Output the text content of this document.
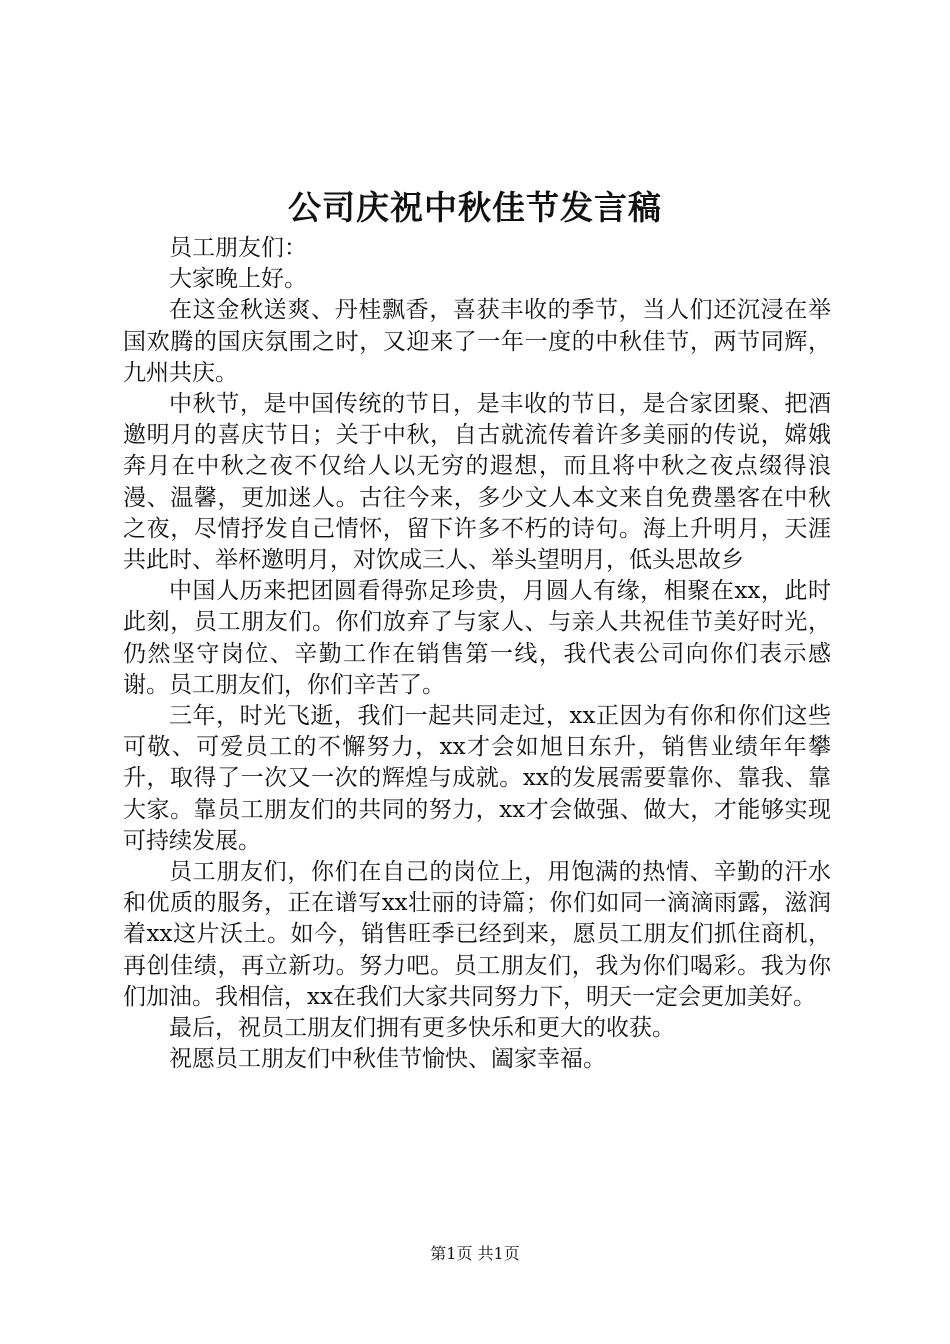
公司庆祝中秋佳节发言稿

员工朋友们：

大家晚上好。

在这金秋送爽、丹桂飘香，喜获丰收的季节，当人们还沉浸在举国欢腾的国庆氛围之时，又迎来了一年一度的中秋佳节，两节同辉，九州共庆。

中秋节，是中国传统的节日，是丰收的节日，是合家团聚、把酒邀明月的喜庆节日；关于中秋，自古就流传着许多美丽的传说，嫦娥奔月在中秋之夜不仅给人以无穷的遐想，而且将中秋之夜点缀得浪漫、温馨，更加迷人。古往今来，多少文人本文来自免费墨客在中秋之夜，尽情抒发自己情怀，留下许多不朽的诗句。海上升明月，天涯共此时、举杯邀明月，对饮成三人、举头望明月，低头思故乡

中国人历来把团圆看得弥足珍贵，月圆人有缘，相聚在xx，此时此刻，员工朋友们。你们放弃了与家人、与亲人共祝佳节美好时光，仍然坚守岗位、辛勤工作在销售第一线，我代表公司向你们表示感谢。员工朋友们，你们辛苦了。

三年，时光飞逝，我们一起共同走过，xx正因为有你和你们这些可敬、可爱员工的不懈努力，xx才会如旭日东升，销售业绩年年攀升，取得了一次又一次的辉煌与成就。xx的发展需要靠你、靠我、靠大家。靠员工朋友们的共同的努力，xx才会做强、做大，才能够实现可持续发展。

员工朋友们，你们在自己的岗位上，用饱满的热情、辛勤的汗水和优质的服务，正在谱写xx壮丽的诗篇；你们如同一滴滴雨露，滋润着xx这片沃土。如今，销售旺季已经到来，愿员工朋友们抓住商机，再创佳绩，再立新功。努力吧。员工朋友们，我为你们喝彩。我为你们加油。我相信，xx在我们大家共同努力下，明天一定会更加美好。

最后，祝员工朋友们拥有更多快乐和更大的收获。

祝愿员工朋友们中秋佳节愉快、阖家幸福。

第1页 共1页
